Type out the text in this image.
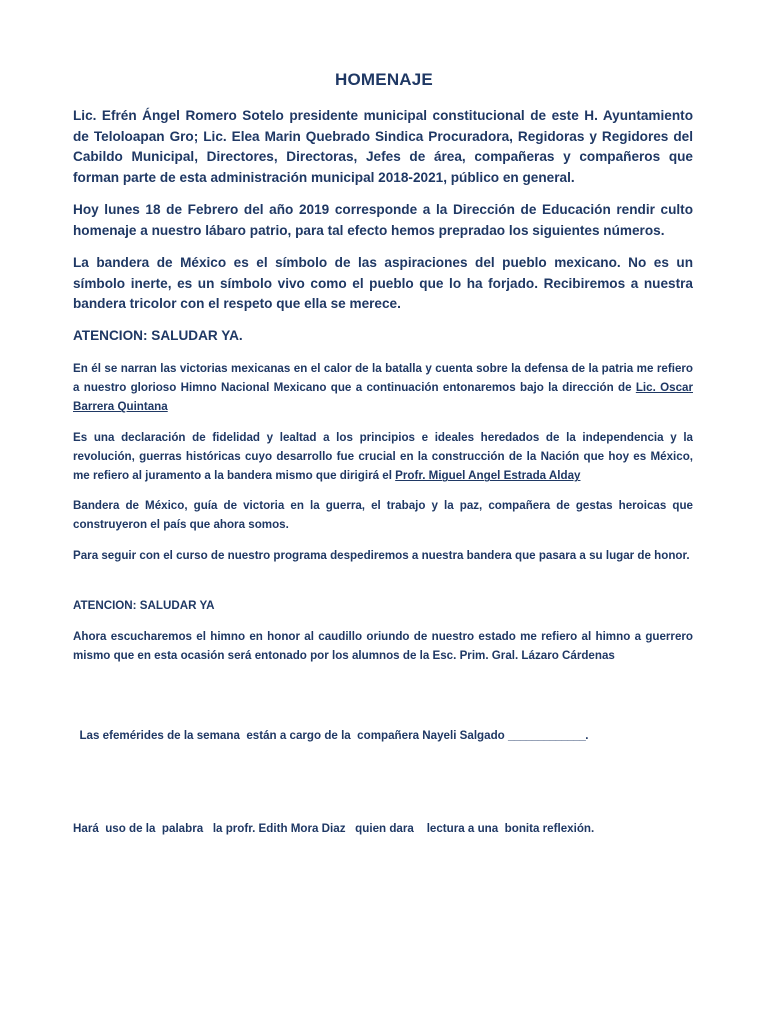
HOMENAJE

Lic. Efrén Ángel Romero Sotelo presidente municipal constitucional de este H. Ayuntamiento de Teloloapan Gro; Lic. Elea Marin Quebrado Sindica Procuradora, Regidoras y Regidores del Cabildo Municipal, Directores, Directoras, Jefes de área, compañeras y compañeros que forman parte de esta administración municipal 2018-2021, público en general.

Hoy lunes 18 de Febrero del año 2019 corresponde a la Dirección de Educación rendir culto homenaje a nuestro lábaro patrio, para tal efecto hemos prepradao los siguientes números.

La bandera de México es el símbolo de las aspiraciones del pueblo mexicano. No es un símbolo inerte, es un símbolo vivo como el pueblo que lo ha forjado. Recibiremos a nuestra bandera tricolor con el respeto que ella se merece.

ATENCION: SALUDAR YA.

En él se narran las victorias mexicanas en el calor de la batalla y cuenta sobre la defensa de la patria me refiero a nuestro glorioso Himno Nacional Mexicano que a continuación entonaremos bajo la dirección de Lic. Oscar Barrera Quintana

Es una declaración de fidelidad y lealtad a los principios e ideales heredados de la independencia y la revolución, guerras históricas cuyo desarrollo fue crucial en la construcción de la Nación que hoy es México, me refiero al juramento a la bandera mismo que dirigirá el Profr. Miguel Angel Estrada Alday

Bandera de México, guía de victoria en la guerra, el trabajo y la paz, compañera de gestas heroicas que construyeron el país que ahora somos.

Para seguir con el curso de nuestro programa despediremos a nuestra bandera que pasara a su lugar de honor.

ATENCION: SALUDAR YA

Ahora escucharemos el himno en honor al caudillo oriundo de nuestro estado me refiero al himno a guerrero mismo que en esta ocasión será entonado por los alumnos de la Esc. Prim. Gral. Lázaro Cárdenas

Las efemérides de la semana  están a cargo de la  compañera Nayeli Salgado _____________.

Hará  uso de la  palabra   la profr. Edith Mora Diaz   quien dara    lectura a una  bonita reflexión.
